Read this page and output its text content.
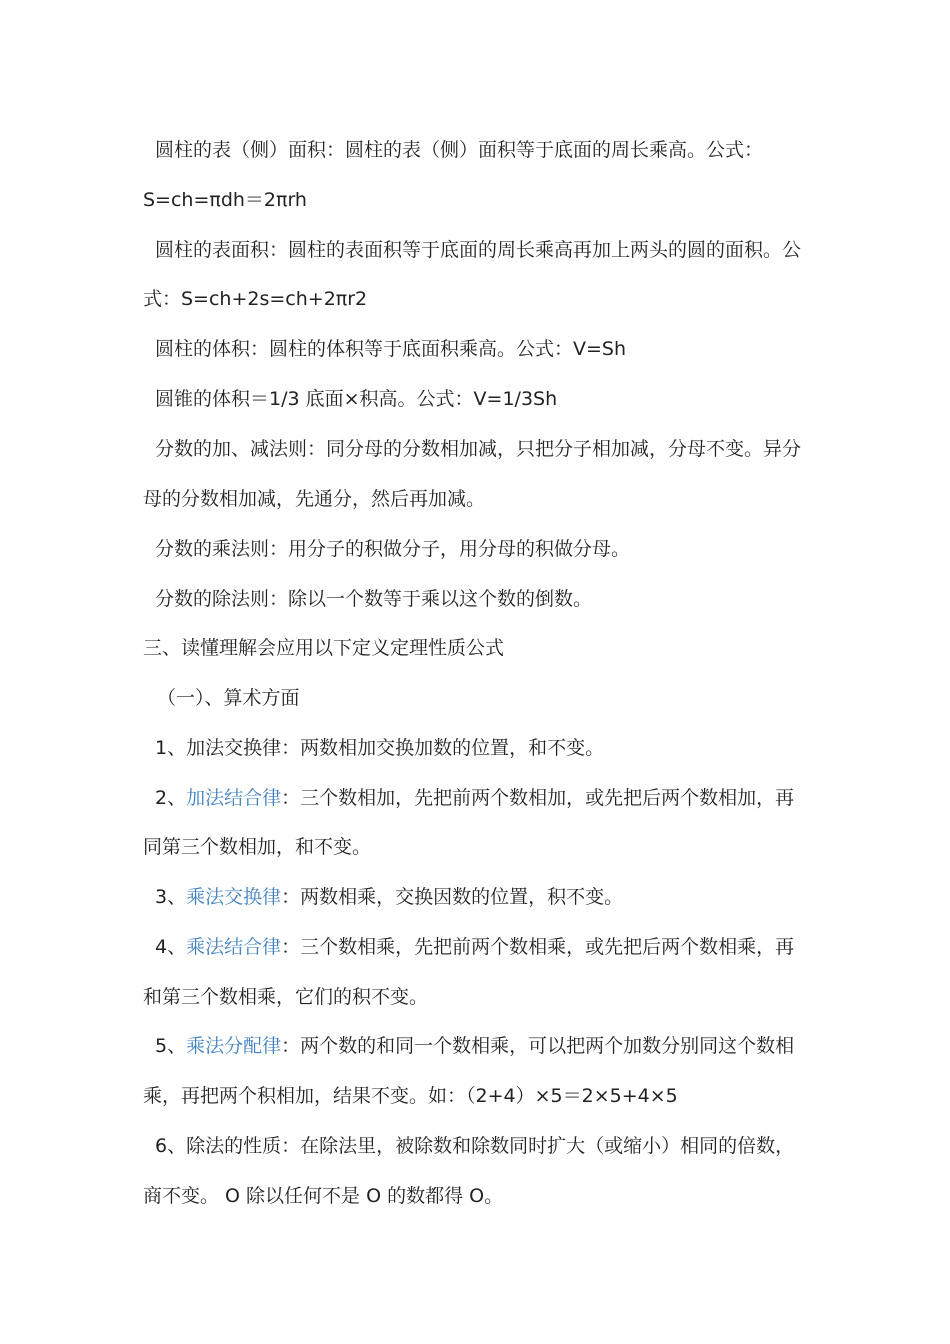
圆柱的表（侧）面积：圆柱的表（侧）面积等于底面的周长乘高。公式：
S=ch=πdh＝2πrh
圆柱的表面积：圆柱的表面积等于底面的周长乘高再加上两头的圆的面积。公
式：S=ch+2s=ch+2πr2
圆柱的体积：圆柱的体积等于底面积乘高。公式：V=Sh
圆锥的体积＝1/3 底面×积高。公式：V=1/3Sh
分数的加、减法则：同分母的分数相加减，只把分子相加减，分母不变。异分
母的分数相加减，先通分，然后再加减。
分数的乘法则：用分子的积做分子，用分母的积做分母。
分数的除法则：除以一个数等于乘以这个数的倒数。
三、读懂理解会应用以下定义定理性质公式
（一）、算术方面
1、加法交换律：两数相加交换加数的位置，和不变。
2、加法结合律：三个数相加，先把前两个数相加，或先把后两个数相加，再
同第三个数相加，和不变。
3、乘法交换律：两数相乘，交换因数的位置，积不变。
4、乘法结合律：三个数相乘，先把前两个数相乘，或先把后两个数相乘，再
和第三个数相乘，它们的积不变。
5、乘法分配律：两个数的和同一个数相乘，可以把两个加数分别同这个数相
乘，再把两个积相加，结果不变。如：（2+4）×5＝2×5+4×5
6、除法的性质：在除法里，被除数和除数同时扩大（或缩小）相同的倍数，
商不变。 O 除以任何不是 O 的数都得 O。
